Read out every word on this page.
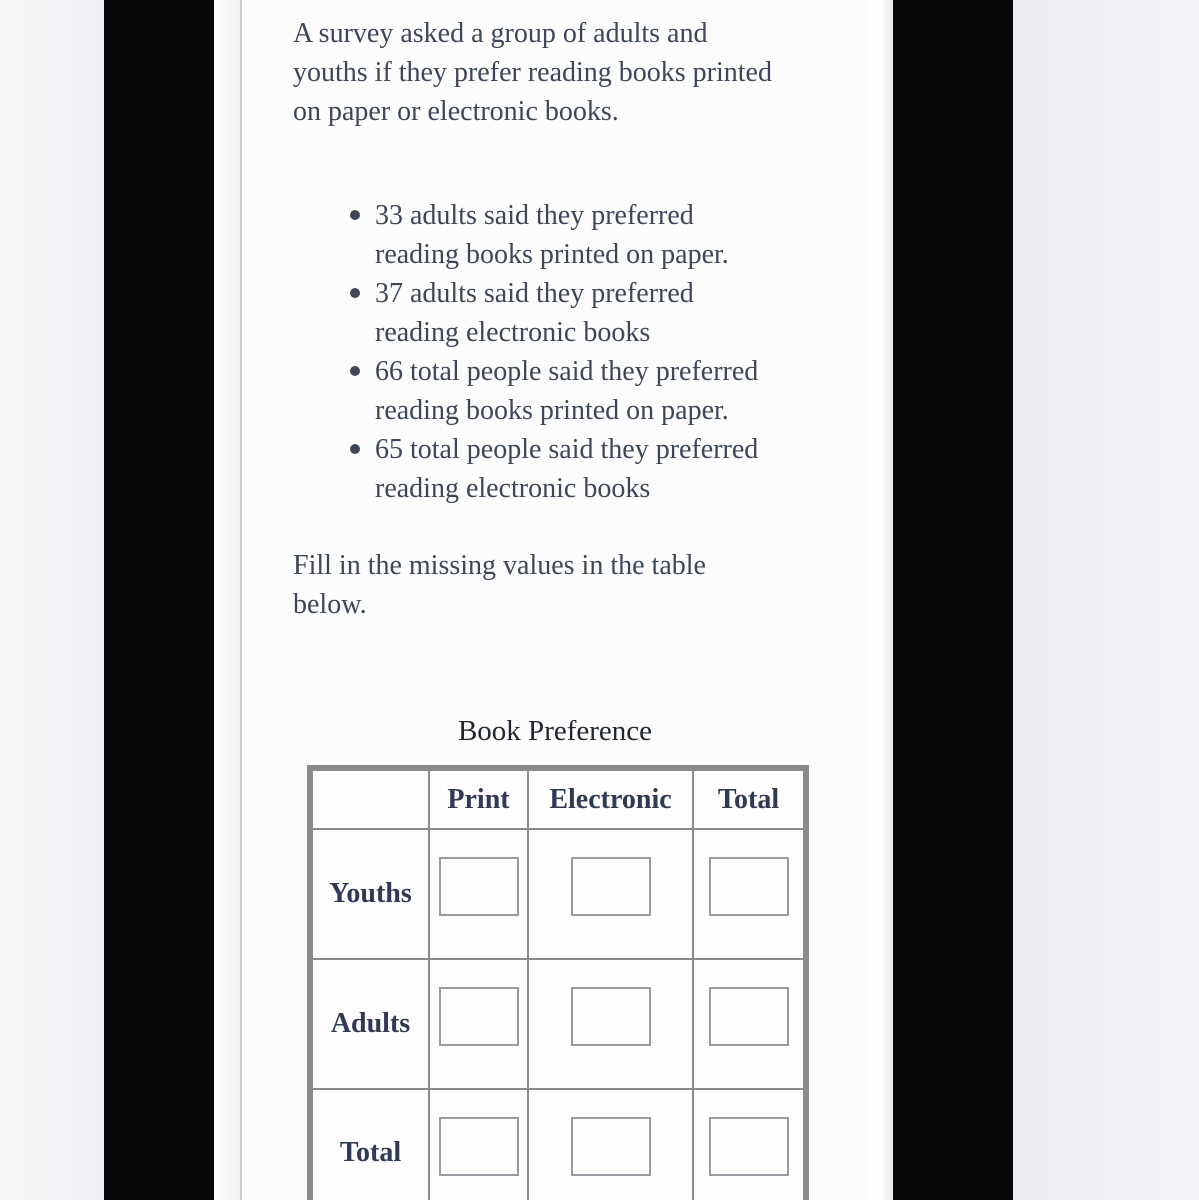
A survey asked a group of adults and youths if they prefer reading books printed on paper or electronic books.
33 adults said they preferred reading books printed on paper.
37 adults said they preferred reading electronic books
66 total people said they preferred reading books printed on paper.
65 total people said they preferred reading electronic books
Fill in the missing values in the table below.
Book Preference
	Print	Electronic	Total
Youths	

Adults	

Total	
